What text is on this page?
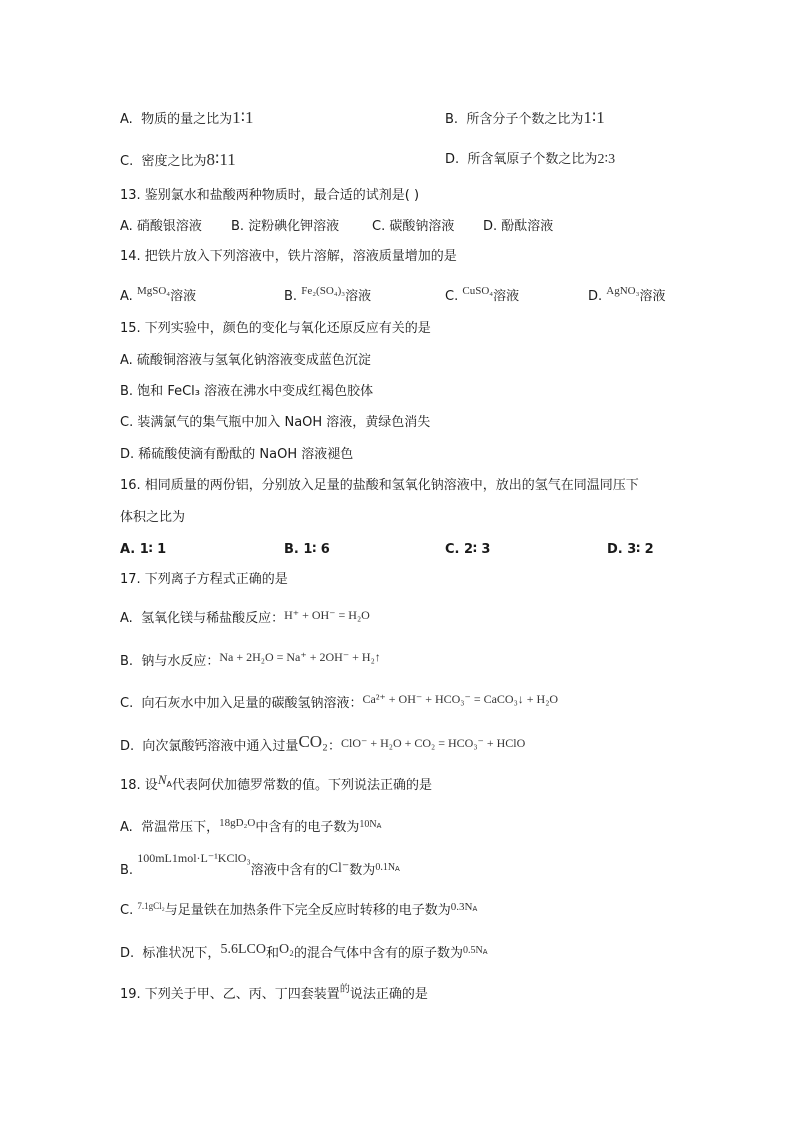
A. 物质的量之比为1∶1	B. 所含分子个数之比为1∶1
C. 密度之比为8∶11	D. 所含氧原子个数之比为2∶3
13. 鉴别氯水和盐酸两种物质时，最合适的试剂是( )
A. 硝酸银溶液 B. 淀粉碘化钾溶液	C. 碳酸钠溶液 D. 酚酞溶液
14. 把铁片放入下列溶液中，铁片溶解，溶液质量增加的是
A. $^{MgSO_4}$溶液	B. $^{Fe_2(SO_4)_3}$溶液	C. $^{CuSO_4}$溶液	D. $^{AgNO_3}$溶液
15. 下列实验中，颜色的变化与氧化还原反应有关的是
A. 硫酸铜溶液与氢氧化钠溶液变成蓝色沉淀
B. 饱和 FeCl₃ 溶液在沸水中变成红褐色胶体
C. 装满氯气的集气瓶中加入 NaOH 溶液，黄绿色消失
D. 稀硫酸使滴有酚酞的 NaOH 溶液褪色
16. 相同质量的两份铝，分别放入足量的盐酸和氢氧化钠溶液中，放出的氢气在同温同压下
体积之比为
A. 1∶ 1	B. 1∶ 6	C. 2∶ 3	D. 3∶ 2
17. 下列离子方程式正确的是
A. 氢氧化镁与稀盐酸反应：H⁺ + OH⁻ = H₂O
B. 钠与水反应：Na + 2H₂O = Na⁺ + 2OH⁻ + H₂↑
C. 向石灰水中加入足量的碳酸氢钠溶液：Ca²⁺ + OH⁻ + HCO₃⁻ = CaCO₃↓ + H₂O
D. 向次氯酸钙溶液中通入过量CO₂：ClO⁻ + H₂O + CO₂ = HCO₃⁻ + HClO
18. 设NA代表阿伏加德罗常数的值。下列说法正确的是
A. 常温常压下，$^{18gD_2O}$中含有的电子数为$^{10NA}$
B. 100mL1mol·L⁻¹KClO₃溶液中含有的Cl⁻数为$^{0.1NA}$
C. $^{7.1gCl_2}$与足量铁在加热条件下完全反应时转移的电子数为$^{0.3NA}$
D. 标准状况下，5.6LCO和O₂的混合气体中含有的原子数为$^{0.5NA}$
19. 下列关于甲、乙、丙、丁四套装置$^的$说法正确的是
